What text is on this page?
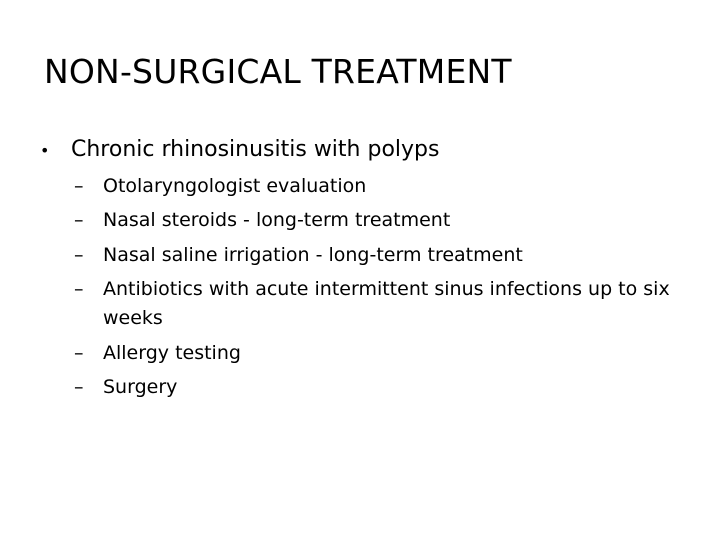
NON-SURGICAL TREATMENT
• Chronic rhinosinusitis with polyps
– Otolaryngologist evaluation
– Nasal steroids - long-term treatment
– Nasal saline irrigation - long-term treatment
– Antibiotics with acute intermittent sinus infections up to six weeks
– Allergy testing
– Surgery
